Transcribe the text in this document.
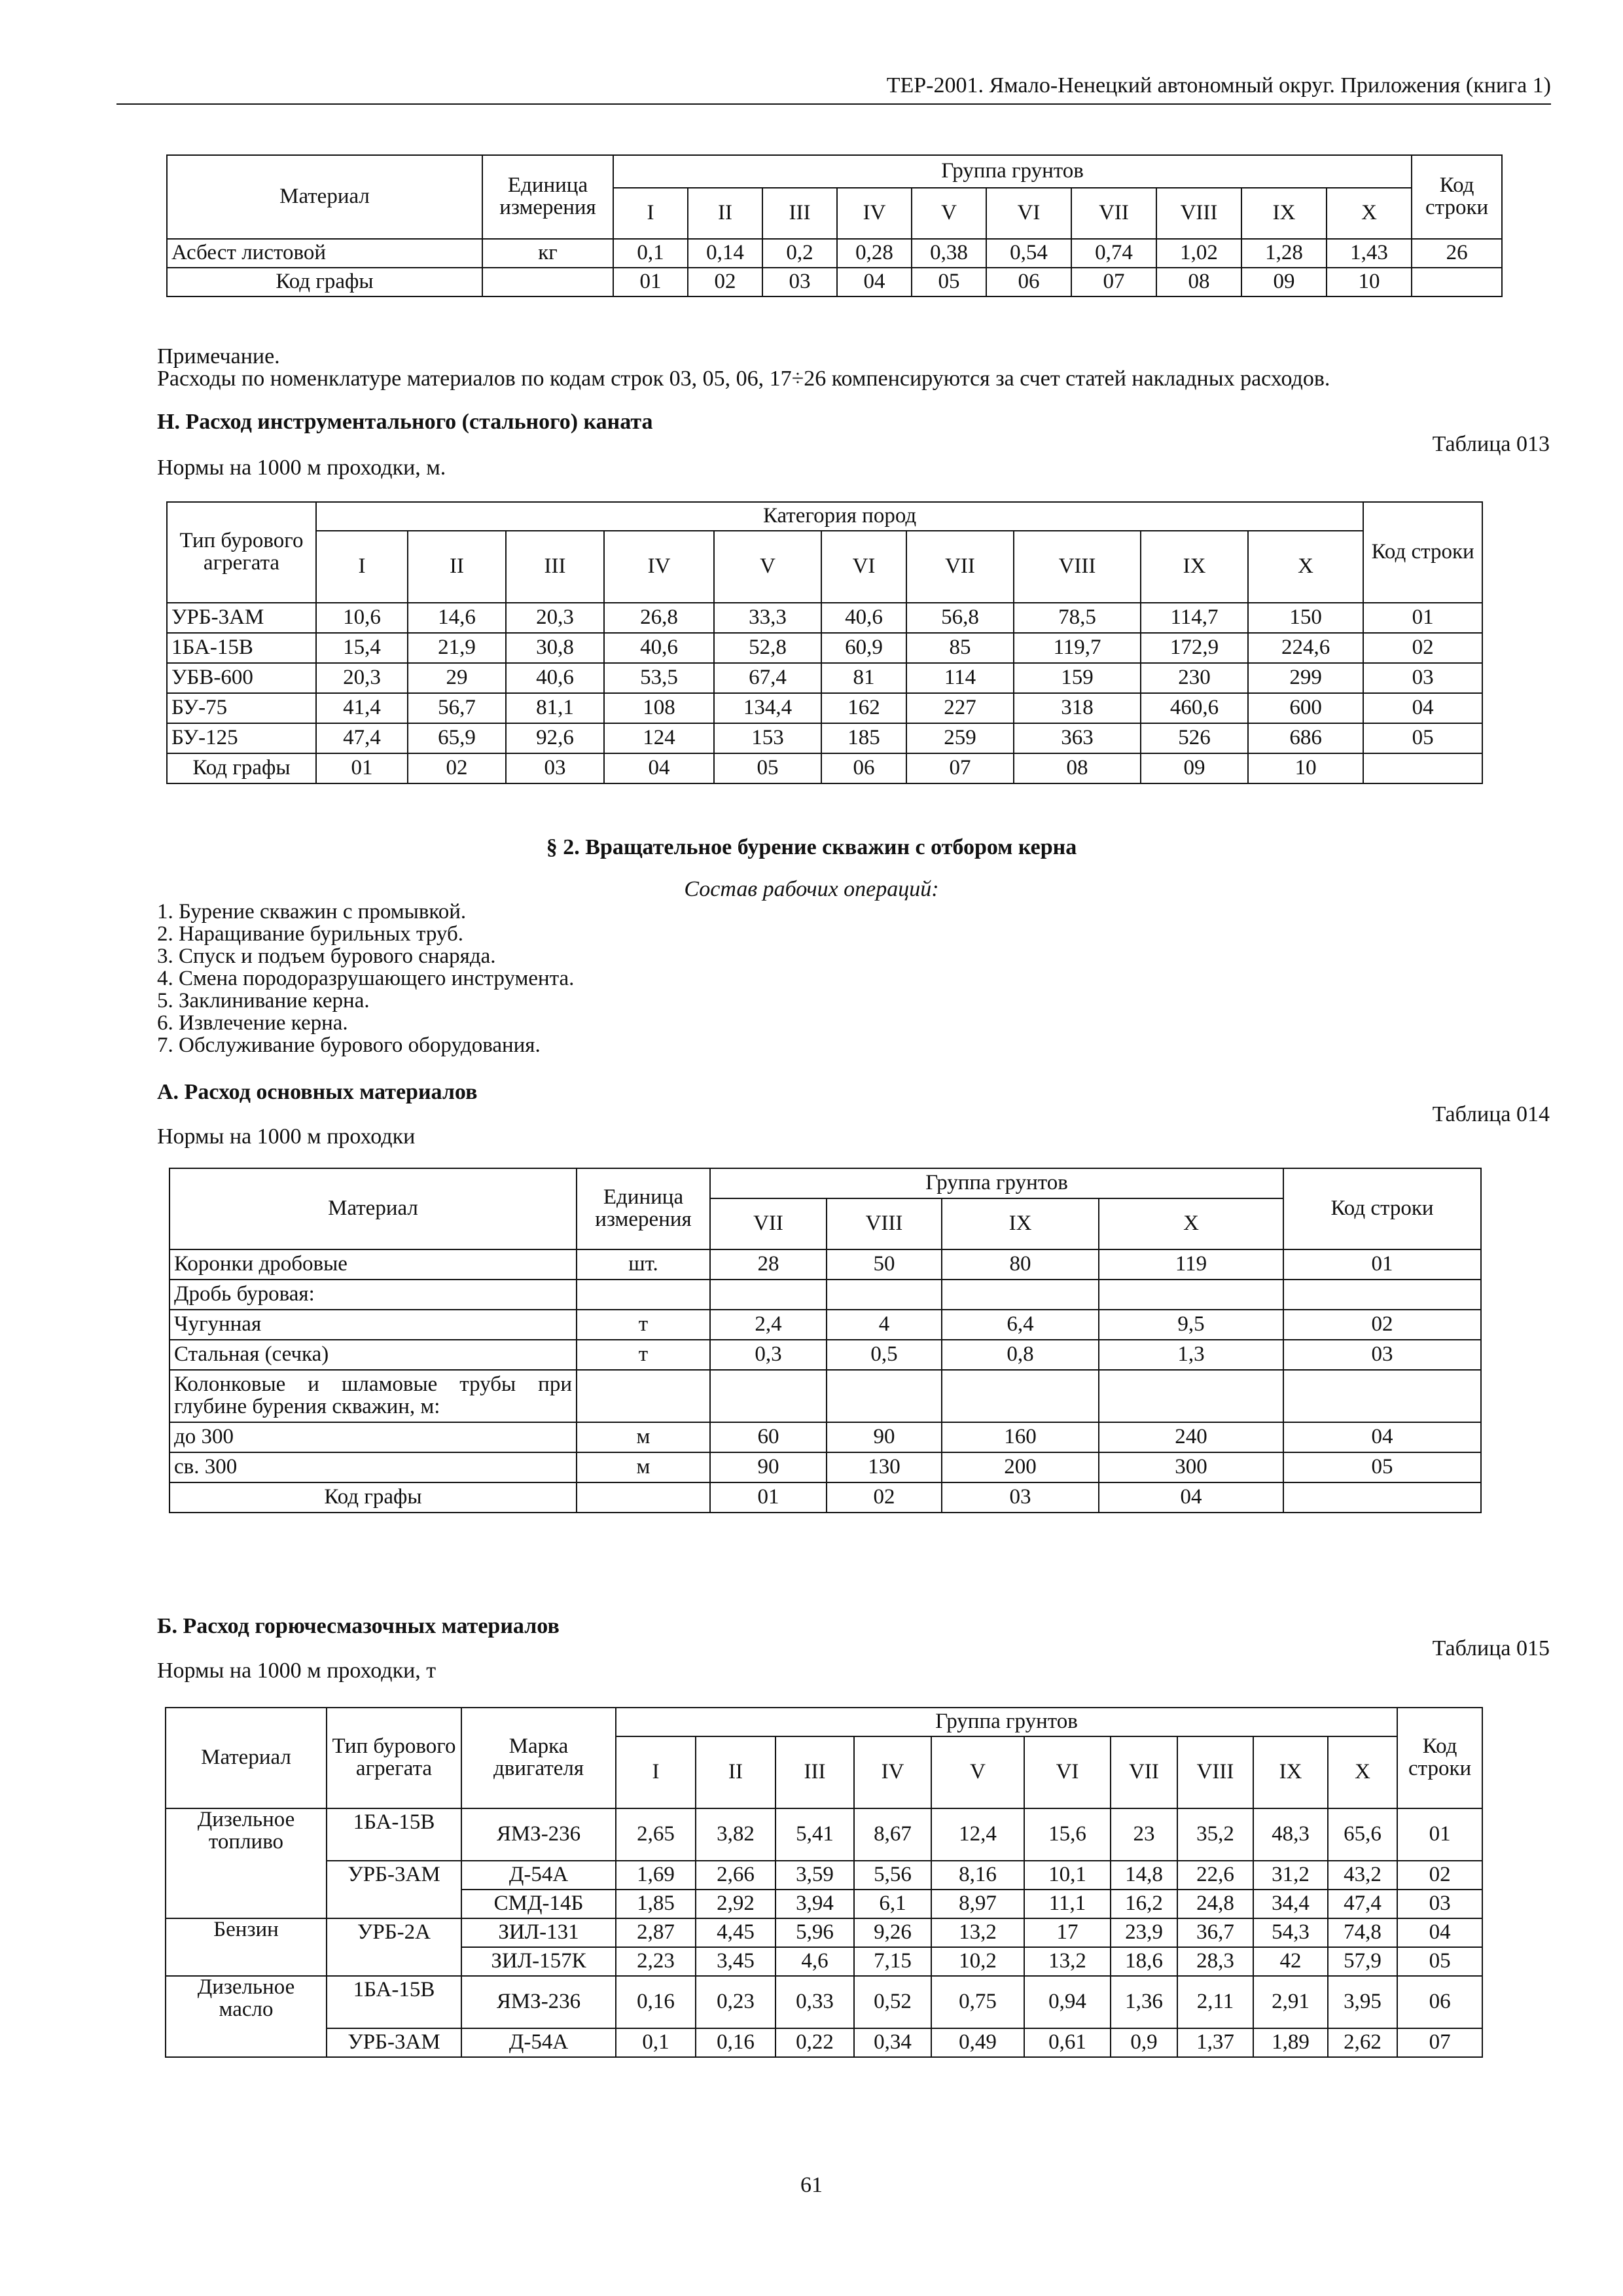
ТЕР-2001. Ямало-Ненецкий автономный округ. Приложения (книга 1)
Материал	Единица измерения	Группа грунтов										Код строки
		I	II	III	IV	V	VI	VII	VIII	IX	X	
Асбест листовой	кг	0,1	0,14	0,2	0,28	0,38	0,54	0,74	1,02	1,28	1,43	26
Код графы		01	02	03	04	05	06	07	08	09	10	
Примечание.
Расходы по номенклатуре материалов по кодам строк 03, 05, 06, 17÷26 компенсируются за счет статей накладных расходов.
Н. Расход инструментального (стального) каната
Таблица 013
Нормы на 1000 м проходки, м.
Тип бурового агрегата	Категория пород										Код строки
	I	II	III	IV	V	VI	VII	VIII	IX	X	
УРБ-3АМ	10,6	14,6	20,3	26,8	33,3	40,6	56,8	78,5	114,7	150	01
1БА-15В	15,4	21,9	30,8	40,6	52,8	60,9	85	119,7	172,9	224,6	02
УБВ-600	20,3	29	40,6	53,5	67,4	81	114	159	230	299	03
БУ-75	41,4	56,7	81,1	108	134,4	162	227	318	460,6	600	04
БУ-125	47,4	65,9	92,6	124	153	185	259	363	526	686	05
Код графы	01	02	03	04	05	06	07	08	09	10	
§ 2. Вращательное бурение скважин с отбором керна
Состав рабочих операций:
1. Бурение скважин с промывкой.
2. Наращивание бурильных труб.
3. Спуск и подъем бурового снаряда.
4. Смена породоразрушающего инструмента.
5. Заклинивание керна.
6. Извлечение керна.
7. Обслуживание бурового оборудования.
А. Расход основных материалов
Таблица 014
Нормы на 1000 м проходки
Материал	Единица измерения	Группа грунтов				Код строки
		VII	VIII	IX	X	
Коронки дробовые	шт.	28	50	80	119	01
Дробь буровая:						
Чугунная	т	2,4	4	6,4	9,5	02
Стальная (сечка)	т	0,3	0,5	0,8	1,3	03
Колонковые и шламовые трубы при глубине бурения скважин, м:						
до 300	м	60	90	160	240	04
св. 300	м	90	130	200	300	05
Код графы		01	02	03	04	
Б. Расход горючесмазочных материалов
Таблица 015
Нормы на 1000 м проходки, т
Материал	Тип бурового агрегата	Марка двигателя	Группа грунтов										Код строки
			I	II	III	IV	V	VI	VII	VIII	IX	X	
Дизельное топливо	1БА-15В	ЯМЗ-236	2,65	3,82	5,41	8,67	12,4	15,6	23	35,2	48,3	65,6	01
	УРБ-3АМ	Д-54А	1,69	2,66	3,59	5,56	8,16	10,1	14,8	22,6	31,2	43,2	02
		СМД-14Б	1,85	2,92	3,94	6,1	8,97	11,1	16,2	24,8	34,4	47,4	03
Бензин	УРБ-2А	ЗИЛ-131	2,87	4,45	5,96	9,26	13,2	17	23,9	36,7	54,3	74,8	04
		ЗИЛ-157К	2,23	3,45	4,6	7,15	10,2	13,2	18,6	28,3	42	57,9	05
Дизельное масло	1БА-15В	ЯМЗ-236	0,16	0,23	0,33	0,52	0,75	0,94	1,36	2,11	2,91	3,95	06
	УРБ-3АМ	Д-54А	0,1	0,16	0,22	0,34	0,49	0,61	0,9	1,37	1,89	2,62	07
61
